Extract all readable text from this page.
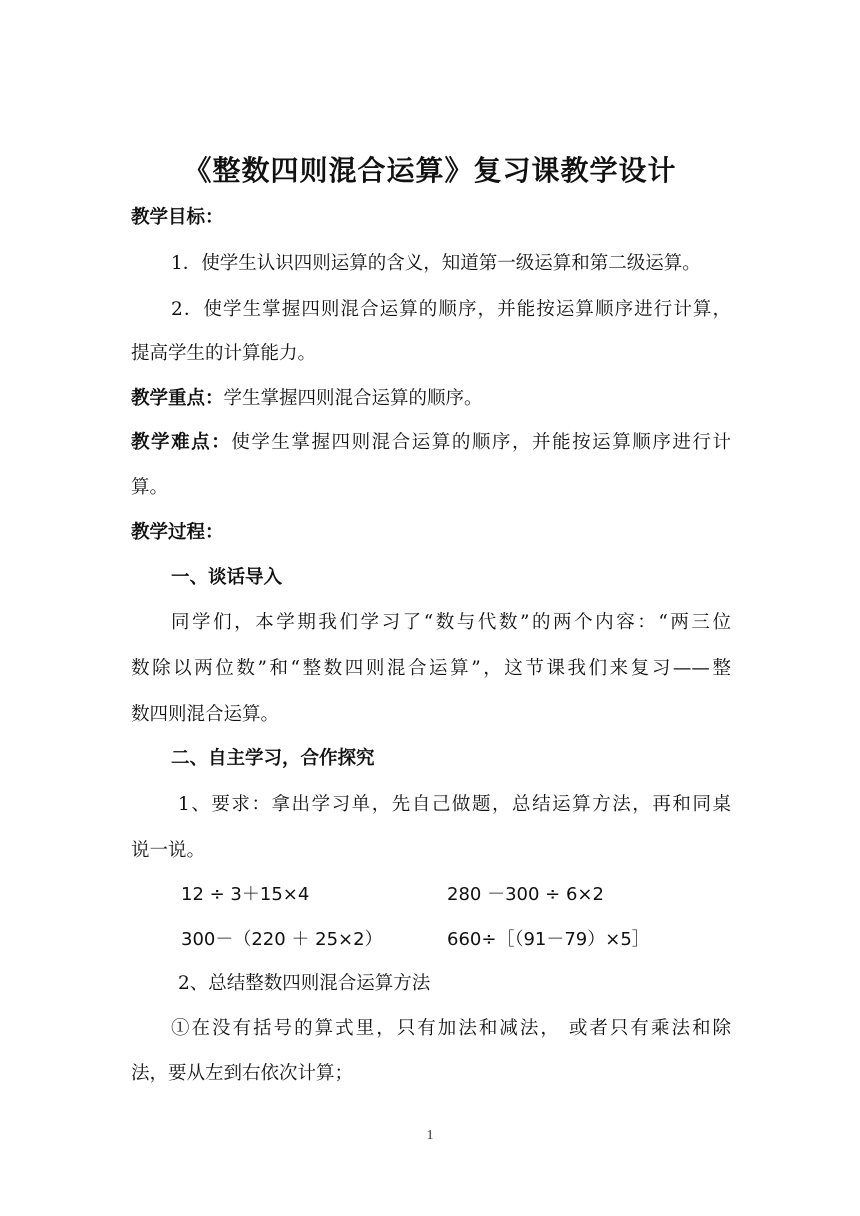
《整数四则混合运算》复习课教学设计
教学目标：
1．使学生认识四则运算的含义，知道第一级运算和第二级运算。
2．使学生掌握四则混合运算的顺序，并能按运算顺序进行计算，
提高学生的计算能力。
教学重点：学生掌握四则混合运算的顺序。
教学难点：使学生掌握四则混合运算的顺序，并能按运算顺序进行计
算。
教学过程：
一、谈话导入
同学们，本学期我们学习了“数与代数”的两个内容：“两三位
数除以两位数”和“整数四则混合运算”，这节课我们来复习——整
数四则混合运算。
二、自主学习，合作探究
1、要求：拿出学习单，先自己做题，总结运算方法，再和同桌
说一说。
12 ÷ 3＋15×4	280 －300 ÷ 6×2
300－（220 ＋ 25×2）	660÷［（91－79）×5］
2、总结整数四则混合运算方法
①在没有括号的算式里，只有加法和减法， 或者只有乘法和除
法，要从左到右依次计算；
1
